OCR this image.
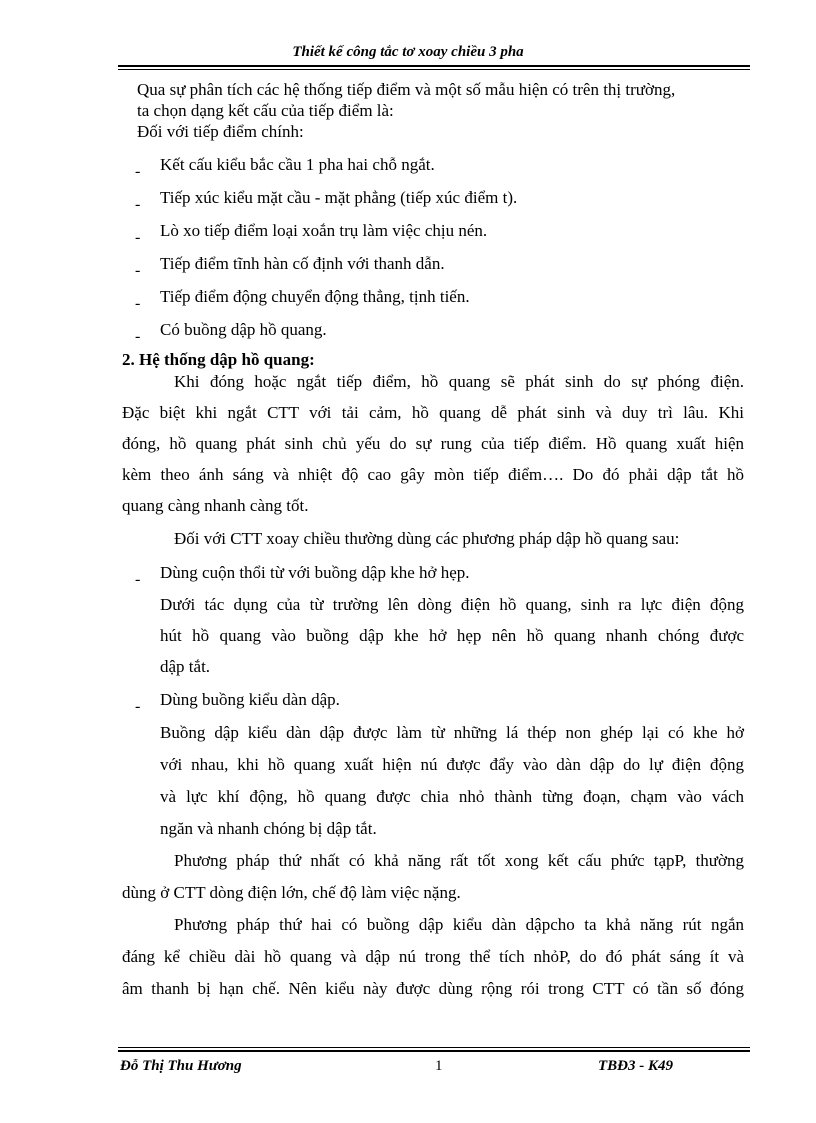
Thiết kế công tắc tơ xoay chiều 3 pha
Qua sự phân tích các hệ thống tiếp điểm và một số mẫu hiện có trên thị trường,
ta chọn dạng kết cấu của tiếp điểm là:
Đối với tiếp điểm chính:
- Kết cấu kiểu bắc cầu 1 pha hai chỗ ngắt.
- Tiếp xúc kiểu mặt cầu - mặt phẳng (tiếp xúc điểm t).
- Lò xo tiếp điểm loại xoắn trụ làm việc chịu nén.
- Tiếp điểm tĩnh hàn cố định với thanh dẫn.
- Tiếp điểm động chuyển động thẳng, tịnh tiến.
- Có buồng dập hồ quang.
2. Hệ thống dập hồ quang:
Khi đóng hoặc ngắt tiếp điểm, hồ quang sẽ phát sinh do sự phóng điện.
Đặc biệt khi ngắt CTT với tải cảm, hồ quang dễ phát sinh và duy trì lâu. Khi
đóng, hồ quang phát sinh chủ yếu do sự rung của tiếp điểm. Hồ quang xuất hiện
kèm theo ánh sáng và nhiệt độ cao gây mòn tiếp điểm…. Do đó phải dập tắt hồ
quang càng nhanh càng tốt.
Đối với CTT xoay chiều thường dùng các phương pháp dập hồ quang sau:
- Dùng cuộn thổi từ với buồng dập khe hở hẹp.
Dưới tác dụng của từ trường lên dòng điện hồ quang, sinh ra lực điện động
hút hồ quang vào buồng dập khe hở hẹp nên hồ quang nhanh chóng được
dập tắt.
- Dùng buồng kiểu dàn dập.
Buồng dập kiểu dàn dập được làm từ những lá thép non ghép lại có khe hở
với nhau, khi hồ quang xuất hiện nú được đẩy vào dàn dập do lự điện động
và lực khí động, hồ quang được chia nhỏ thành từng đoạn, chạm vào vách
ngăn và nhanh chóng bị dập tắt.
Phương pháp thứ nhất có khả năng rất tốt xong kết cấu phức tạpP, thường
dùng ở CTT dòng điện lớn, chế độ làm việc nặng.
Phương pháp thứ hai có buồng dập kiểu dàn dậpcho ta khả năng rút ngắn
đáng kể chiều dài hồ quang và dập nú trong thể tích nhỏP, do đó phát sáng ít và
âm thanh bị hạn chế. Nên kiểu này được dùng rộng rói trong CTT có tần số đóng
Đỗ Thị Thu Hương	1	TBĐ3 - K49
